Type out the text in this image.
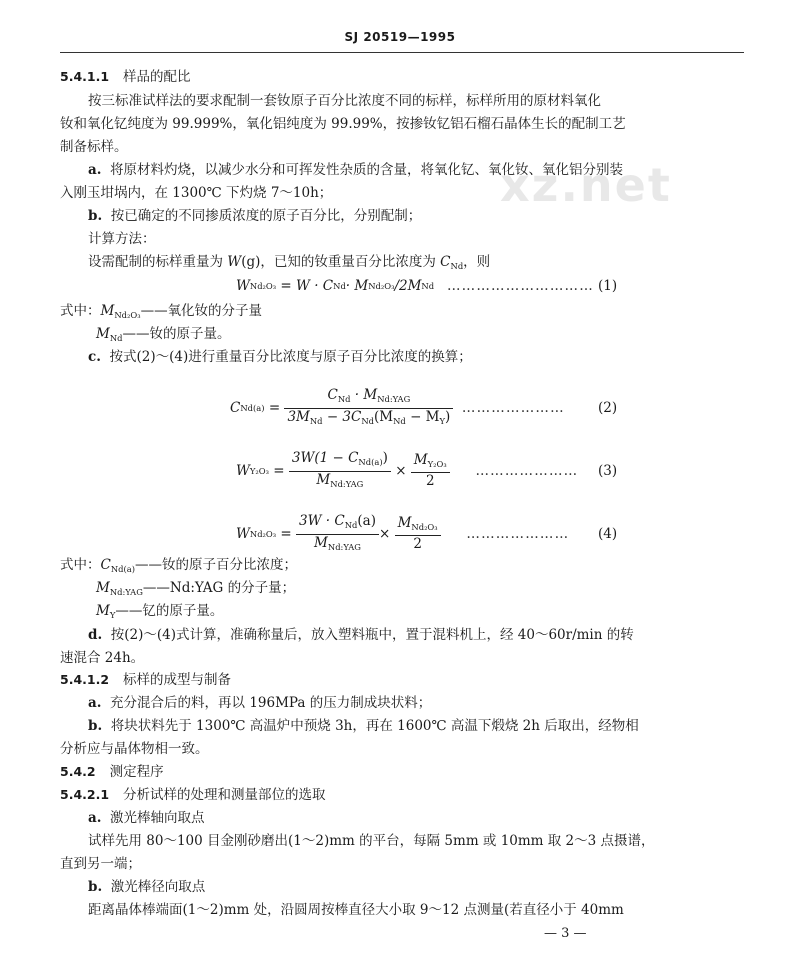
SJ 20519—1995
xz.net
5.4.1.1 样品的配比
按三标准试样法的要求配制一套钕原子百分比浓度不同的标样，标样所用的原材料氧化
钕和氧化钇纯度为 99.999%，氧化铝纯度为 99.99%，按掺钕钇铝石榴石晶体生长的配制工艺
制备标样。
a. 将原材料灼烧，以减少水分和可挥发性杂质的含量，将氧化钇、氧化钕、氧化铝分别装
入刚玉坩埚内，在 1300℃ 下灼烧 7～10h；
b. 按已确定的不同掺质浓度的原子百分比，分别配制；
计算方法：
设需配制的标样重量为 W(g)，已知的钕重量百分比浓度为 $C_{Nd}$，则
W Nd₂O₃
=
W · C Nd · M Nd₂O₃ /2M Nd
………………………… (1)
式中：$M_{Nd_2O_3}——$氧化钕的分子量
$M_{Nd}——$钕的原子量。
c. 按式(2)～(4)进行重量百分比浓度与原子百分比浓度的换算；
C Nd(a)
=
$\frac{C_{Nd} \cdot M_{Nd:YAG}}{3M_{Nd} - 3C_{Nd}(M_{Nd} - M_Y)}$
………………… (2)
W Y₂O₃
=
$\frac{3W(1 - C_{Nd(a)})}{M_{Nd:YAG}}$
×
$\frac{M_{Y_2O_3}}{2}$
………………… (3)
W Nd₂O₃
=
$\frac{3W \cdot C_{Nd}(a)}{M_{Nd:YAG}}$ ×
$\frac{M_{Nd_2O_3}}{2}$
………………… (4)
式中：$C_{Nd(a)}——$钕的原子百分比浓度；
$M_{Nd:YAG}——Nd:YAG$ 的分子量；
$M_Y——$钇的原子量。
d. 按(2)～(4)式计算，准确称量后，放入塑料瓶中，置于混料机上，经 40～60r/min 的转
速混合 24h。
5.4.1.2 标样的成型与制备
a. 充分混合后的料，再以 196MPa 的压力制成块状料；
b. 将块状料先于 1300℃ 高温炉中预烧 3h，再在 1600℃ 高温下煅烧 2h 后取出，经物相
分析应与晶体物相一致。
5.4.2 测定程序
5.4.2.1 分析试样的处理和测量部位的选取
a. 激光棒轴向取点
试样先用 80～100 目金刚砂磨出(1～2)mm 的平台，每隔 5mm 或 10mm 取 2～3 点摄谱，
直到另一端；
b. 激光棒径向取点
距离晶体棒端面(1～2)mm 处，沿圆周按棒直径大小取 9～12 点测量(若直径小于 40mm
— 3 —
